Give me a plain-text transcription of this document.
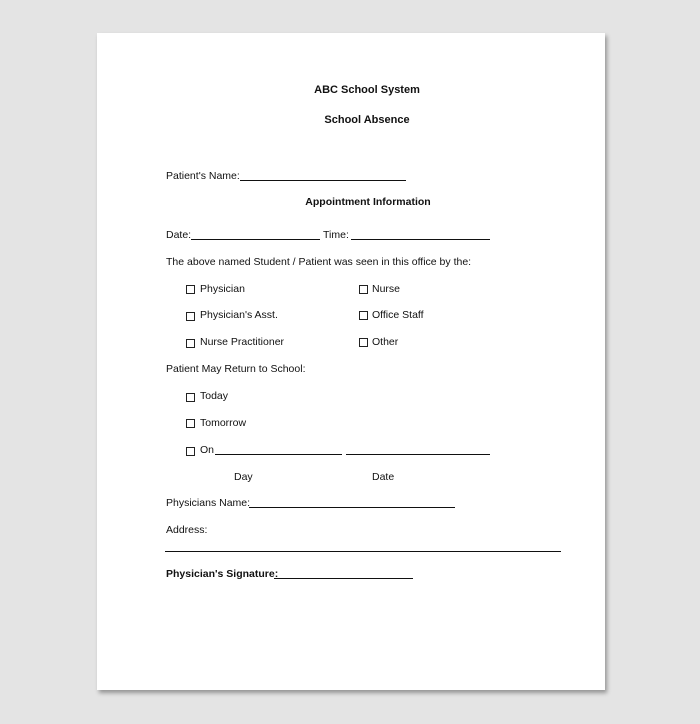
ABC School System
School Absence
Patient's Name:
Appointment Information
Date:	Time:
The above named Student / Patient was seen in this office by the:
Physician	Nurse
Physician's Asst.	Office Staff
Nurse Practitioner	Other
Patient May Return to School:
Today
Tomorrow
On
Day	Date
Physicians Name:
Address:
Physician's Signature:
